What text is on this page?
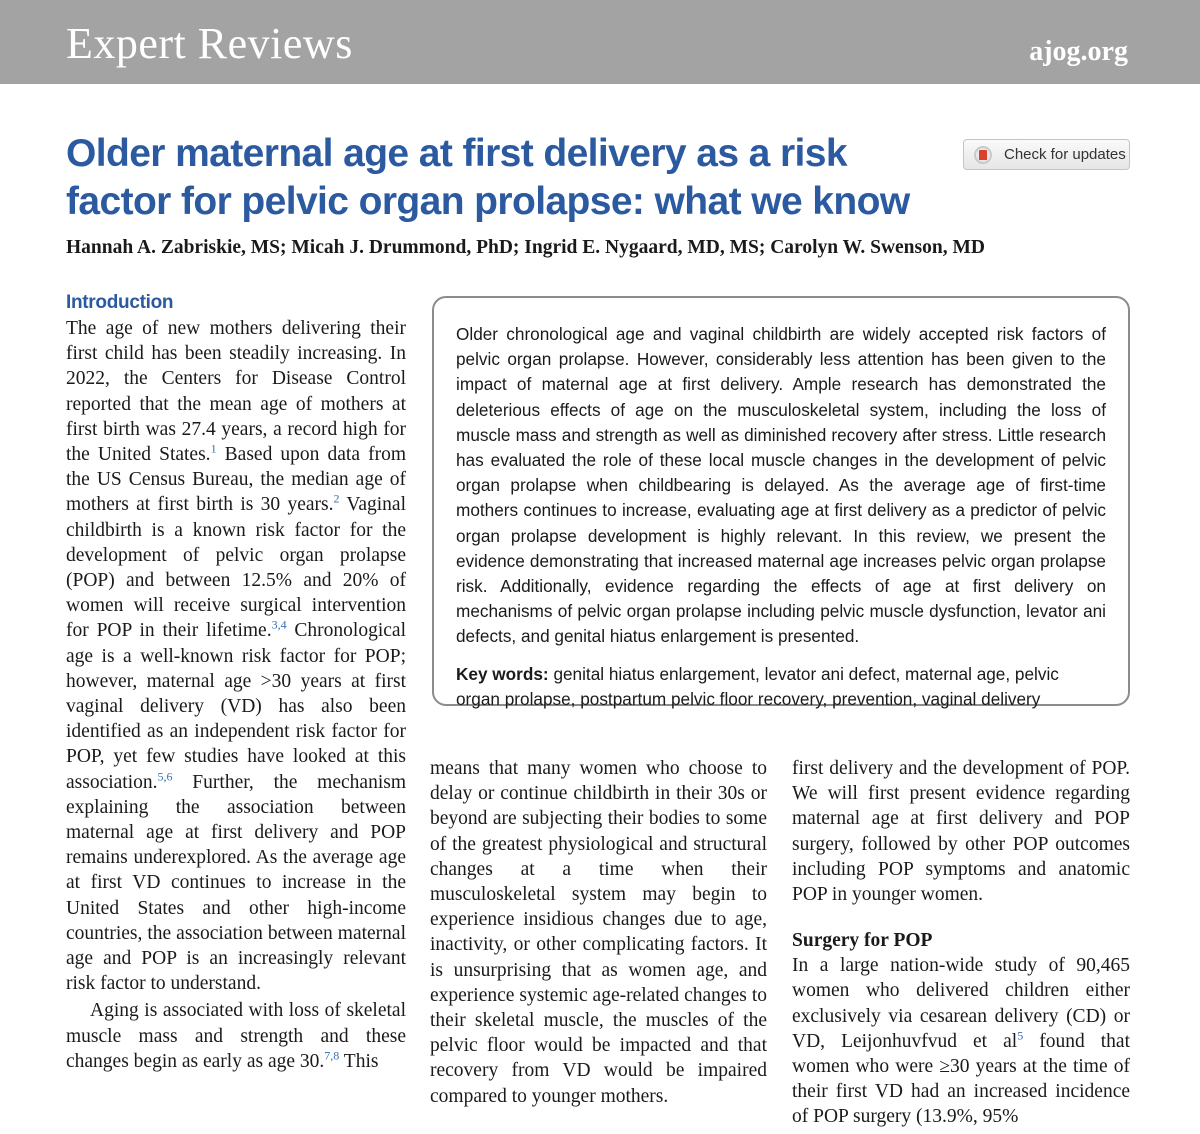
Expert Reviews	ajog.org
Older maternal age at first delivery as a risk
factor for pelvic organ prolapse: what we know
Check for updates
Hannah A. Zabriskie, MS; Micah J. Drummond, PhD; Ingrid E. Nygaard, MD, MS; Carolyn W. Swenson, MD
Introduction

The age of new mothers delivering their first child has been steadily increasing. In 2022, the Centers for Disease Control reported that the mean age of mothers at first birth was 27.4 years, a record high for the United States.$^1$ Based upon data from the US Census Bureau, the median age of mothers at first birth is 30 years.$^2$ Vaginal childbirth is a known risk factor for the development of pelvic organ prolapse (POP) and between 12.5% and 20% of women will receive surgical intervention for POP in their lifetime.$^{3,4}$ Chronological age is a well-known risk factor for POP; however, maternal age >30 years at first vaginal delivery (VD) has also been identified as an independent risk factor for POP, yet few studies have looked at this association.$^{5,6}$ Further, the mechanism explaining the association between maternal age at first delivery and POP remains underexplored. As the average age at first VD continues to increase in the United States and other high-income countries, the association between maternal age and POP is an increasingly relevant risk factor to understand.

Aging is associated with loss of skeletal muscle mass and strength and these changes begin as early as age 30.$^{7,8}$ This

Older chronological age and vaginal childbirth are widely accepted risk factors of pelvic organ prolapse. However, considerably less attention has been given to the impact of maternal age at first delivery. Ample research has demonstrated the deleterious effects of age on the musculoskeletal system, including the loss of muscle mass and strength as well as diminished recovery after stress. Little research has evaluated the role of these local muscle changes in the development of pelvic organ prolapse when childbearing is delayed. As the average age of first-time mothers continues to increase, evaluating age at first delivery as a predictor of pelvic organ prolapse development is highly relevant. In this review, we present the evidence demonstrating that increased maternal age increases pelvic organ prolapse risk. Additionally, evidence regarding the effects of age at first delivery on mechanisms of pelvic organ prolapse including pelvic muscle dysfunction, levator ani defects, and genital hiatus enlargement is presented.

Key words: genital hiatus enlargement, levator ani defect, maternal age, pelvic organ prolapse, postpartum pelvic floor recovery, prevention, vaginal delivery

means that many women who choose to delay or continue childbirth in their 30s or beyond are subjecting their bodies to some of the greatest physiological and structural changes at a time when their musculoskeletal system may begin to experience insidious changes due to age, inactivity, or other complicating factors. It is unsurprising that as women age, and experience systemic age-related changes to their skeletal muscle, the muscles of the pelvic floor would be impacted and that recovery from VD would be impaired compared to younger mothers.

first delivery and the development of POP. We will first present evidence regarding maternal age at first delivery and POP surgery, followed by other POP outcomes including POP symptoms and anatomic POP in younger women.

Surgery for POP

In a large nation-wide study of 90,465 women who delivered children either exclusively via cesarean delivery (CD) or VD, Leijonhuvfvud et $al^5$ found that women who were ≥30 years at the time of their first VD had an increased incidence of POP surgery (13.9%, 95%
